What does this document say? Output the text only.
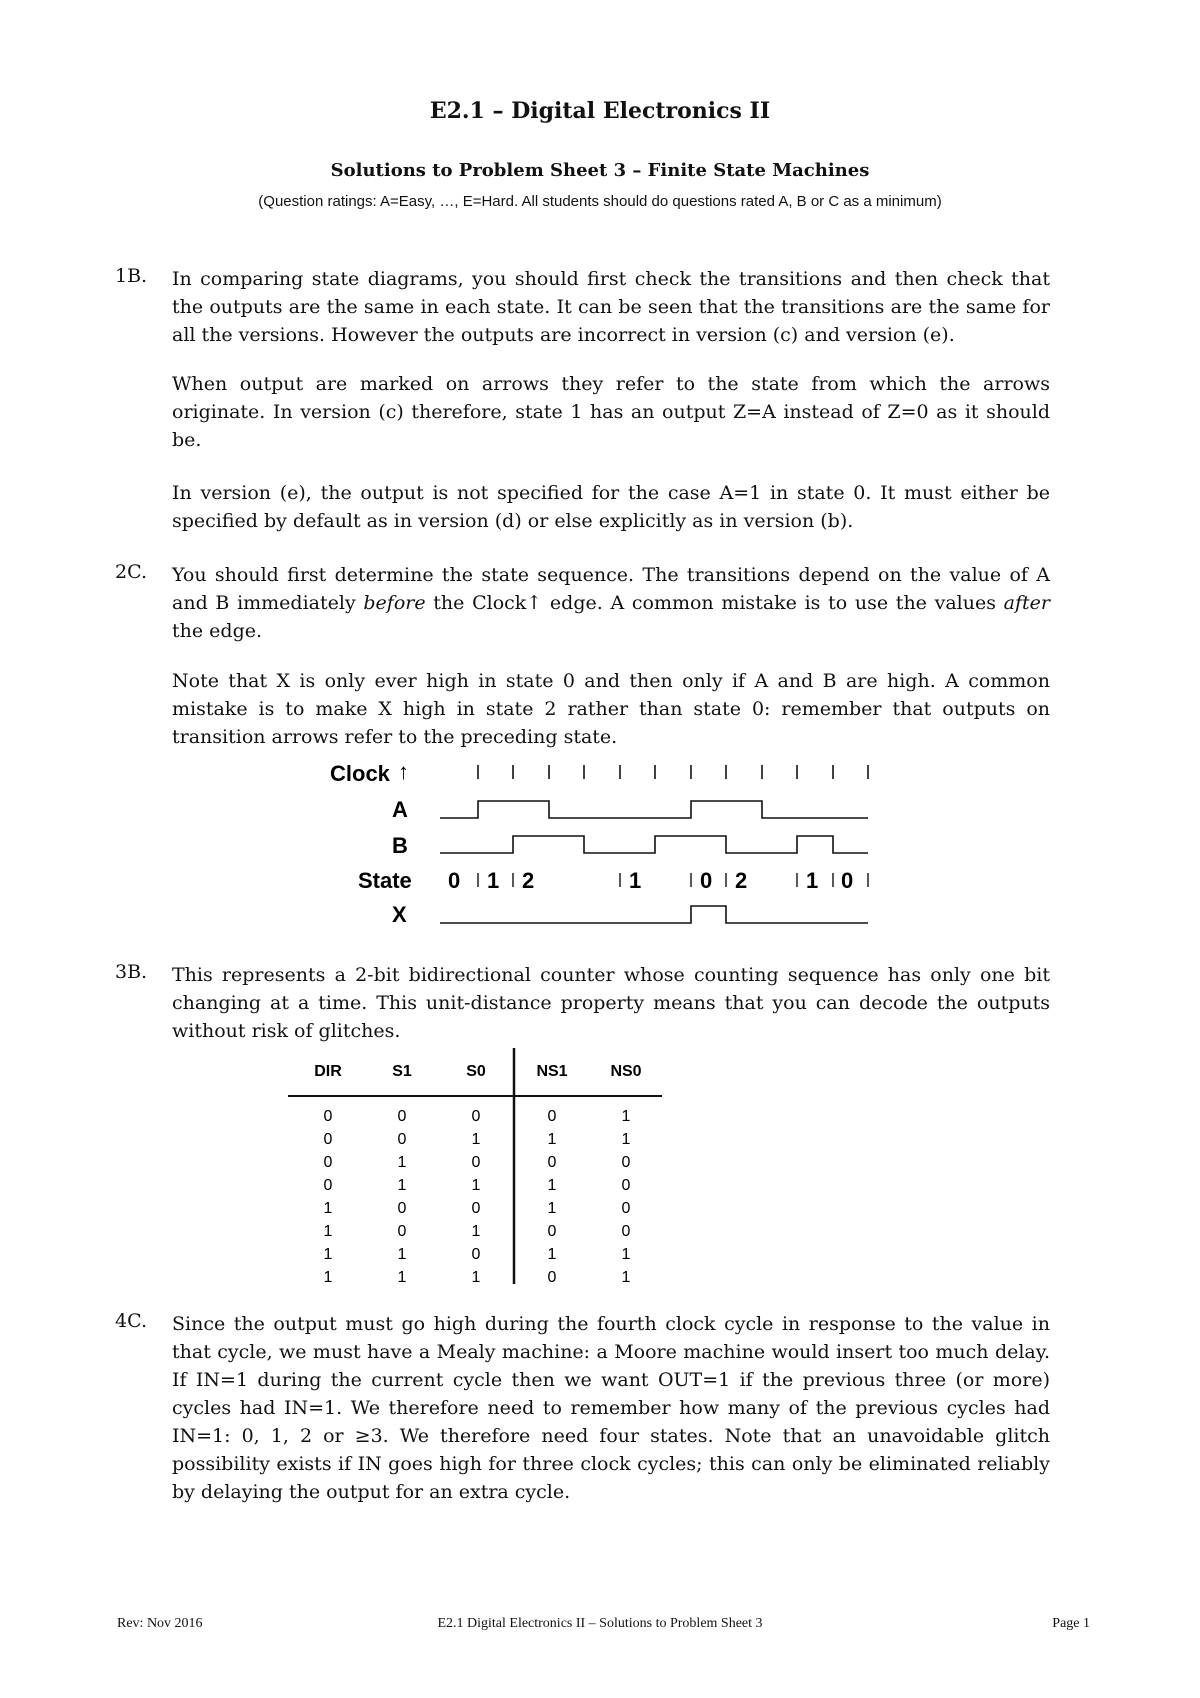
E2.1 – Digital Electronics II
Solutions to Problem Sheet 3 – Finite State Machines
(Question ratings: A=Easy, …, E=Hard. All students should do questions rated A, B or C as a minimum)
1B. In comparing state diagrams, you should first check the transitions and then check that the outputs are the same in each state. It can be seen that the transitions are the same for all the versions. However the outputs are incorrect in version (c) and version (e).

When output are marked on arrows they refer to the state from which the arrows originate. In version (c) therefore, state 1 has an output Z=A instead of Z=0 as it should be.

In version (e), the output is not specified for the case A=1 in state 0. It must either be specified by default as in version (d) or else explicitly as in version (b).

2C. You should first determine the state sequence. The transitions depend on the value of A and B immediately before the Clock↑ edge. A common mistake is to use the values after the edge.

Note that X is only ever high in state 0 and then only if A and B are high. A common mistake is to make X high in state 2 rather than state 0: remember that outputs on transition arrows refer to the preceding state.

Clock ↑
A
B
State
X
0 1 2	1	0 2	1 0
3B. This represents a 2-bit bidirectional counter whose counting sequence has only one bit changing at a time. This unit-distance property means that you can decode the outputs without risk of glitches.

DIR	S1	S0	NS1	NS0
0	0	0	0	1
0	0	1	1	1
0	1	0	0	0
0	1	1	1	0
1	0	0	1	0
1	0	1	0	0
1	1	0	1	1
1	1	1	0	1
4C. Since the output must go high during the fourth clock cycle in response to the value in that cycle, we must have a Mealy machine: a Moore machine would insert too much delay. If IN=1 during the current cycle then we want OUT=1 if the previous three (or more) cycles had IN=1. We therefore need to remember how many of the previous cycles had IN=1: 0, 1, 2 or ≥3. We therefore need four states. Note that an unavoidable glitch possibility exists if IN goes high for three clock cycles; this can only be eliminated reliably by delaying the output for an extra cycle.

Rev: Nov 2016	E2.1 Digital Electronics II – Solutions to Problem Sheet 3	Page 1
